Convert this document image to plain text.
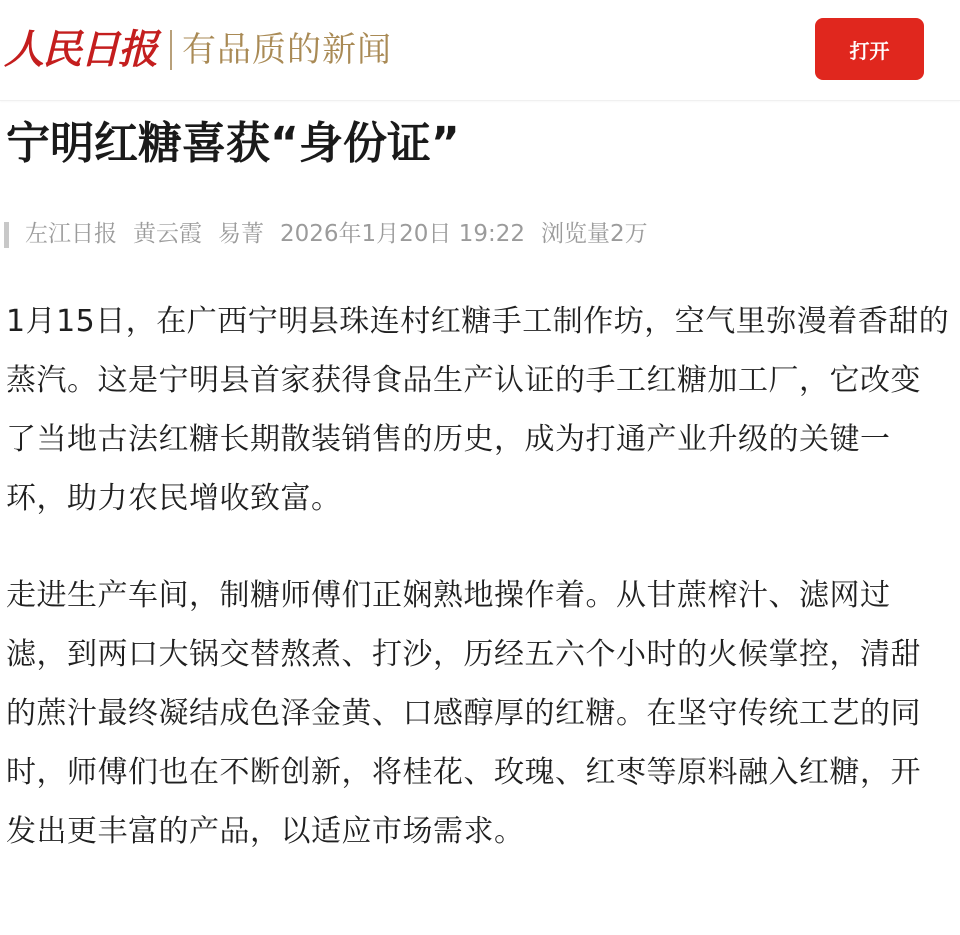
人民日报 有品质的新闻	打开
宁明红糖喜获“身份证”
左江日报 黄云霞 易菁 2026年1月20日 19:22 浏览量2万

1月15日，在广西宁明县珠连村红糖手工制作坊，空气里弥漫着香甜的蒸汽。这是宁明县首家获得食品生产认证的手工红糖加工厂，它改变了当地古法红糖长期散装销售的历史，成为打通产业升级的关键一环，助力农民增收致富。

走进生产车间，制糖师傅们正娴熟地操作着。从甘蔗榨汁、滤网过滤，到两口大锅交替熬煮、打沙，历经五六个小时的火候掌控，清甜的蔗汁最终凝结成色泽金黄、口感醇厚的红糖。在坚守传统工艺的同时，师傅们也在不断创新，将桂花、玫瑰、红枣等原料融入红糖，开发出更丰富的产品，以适应市场需求。
